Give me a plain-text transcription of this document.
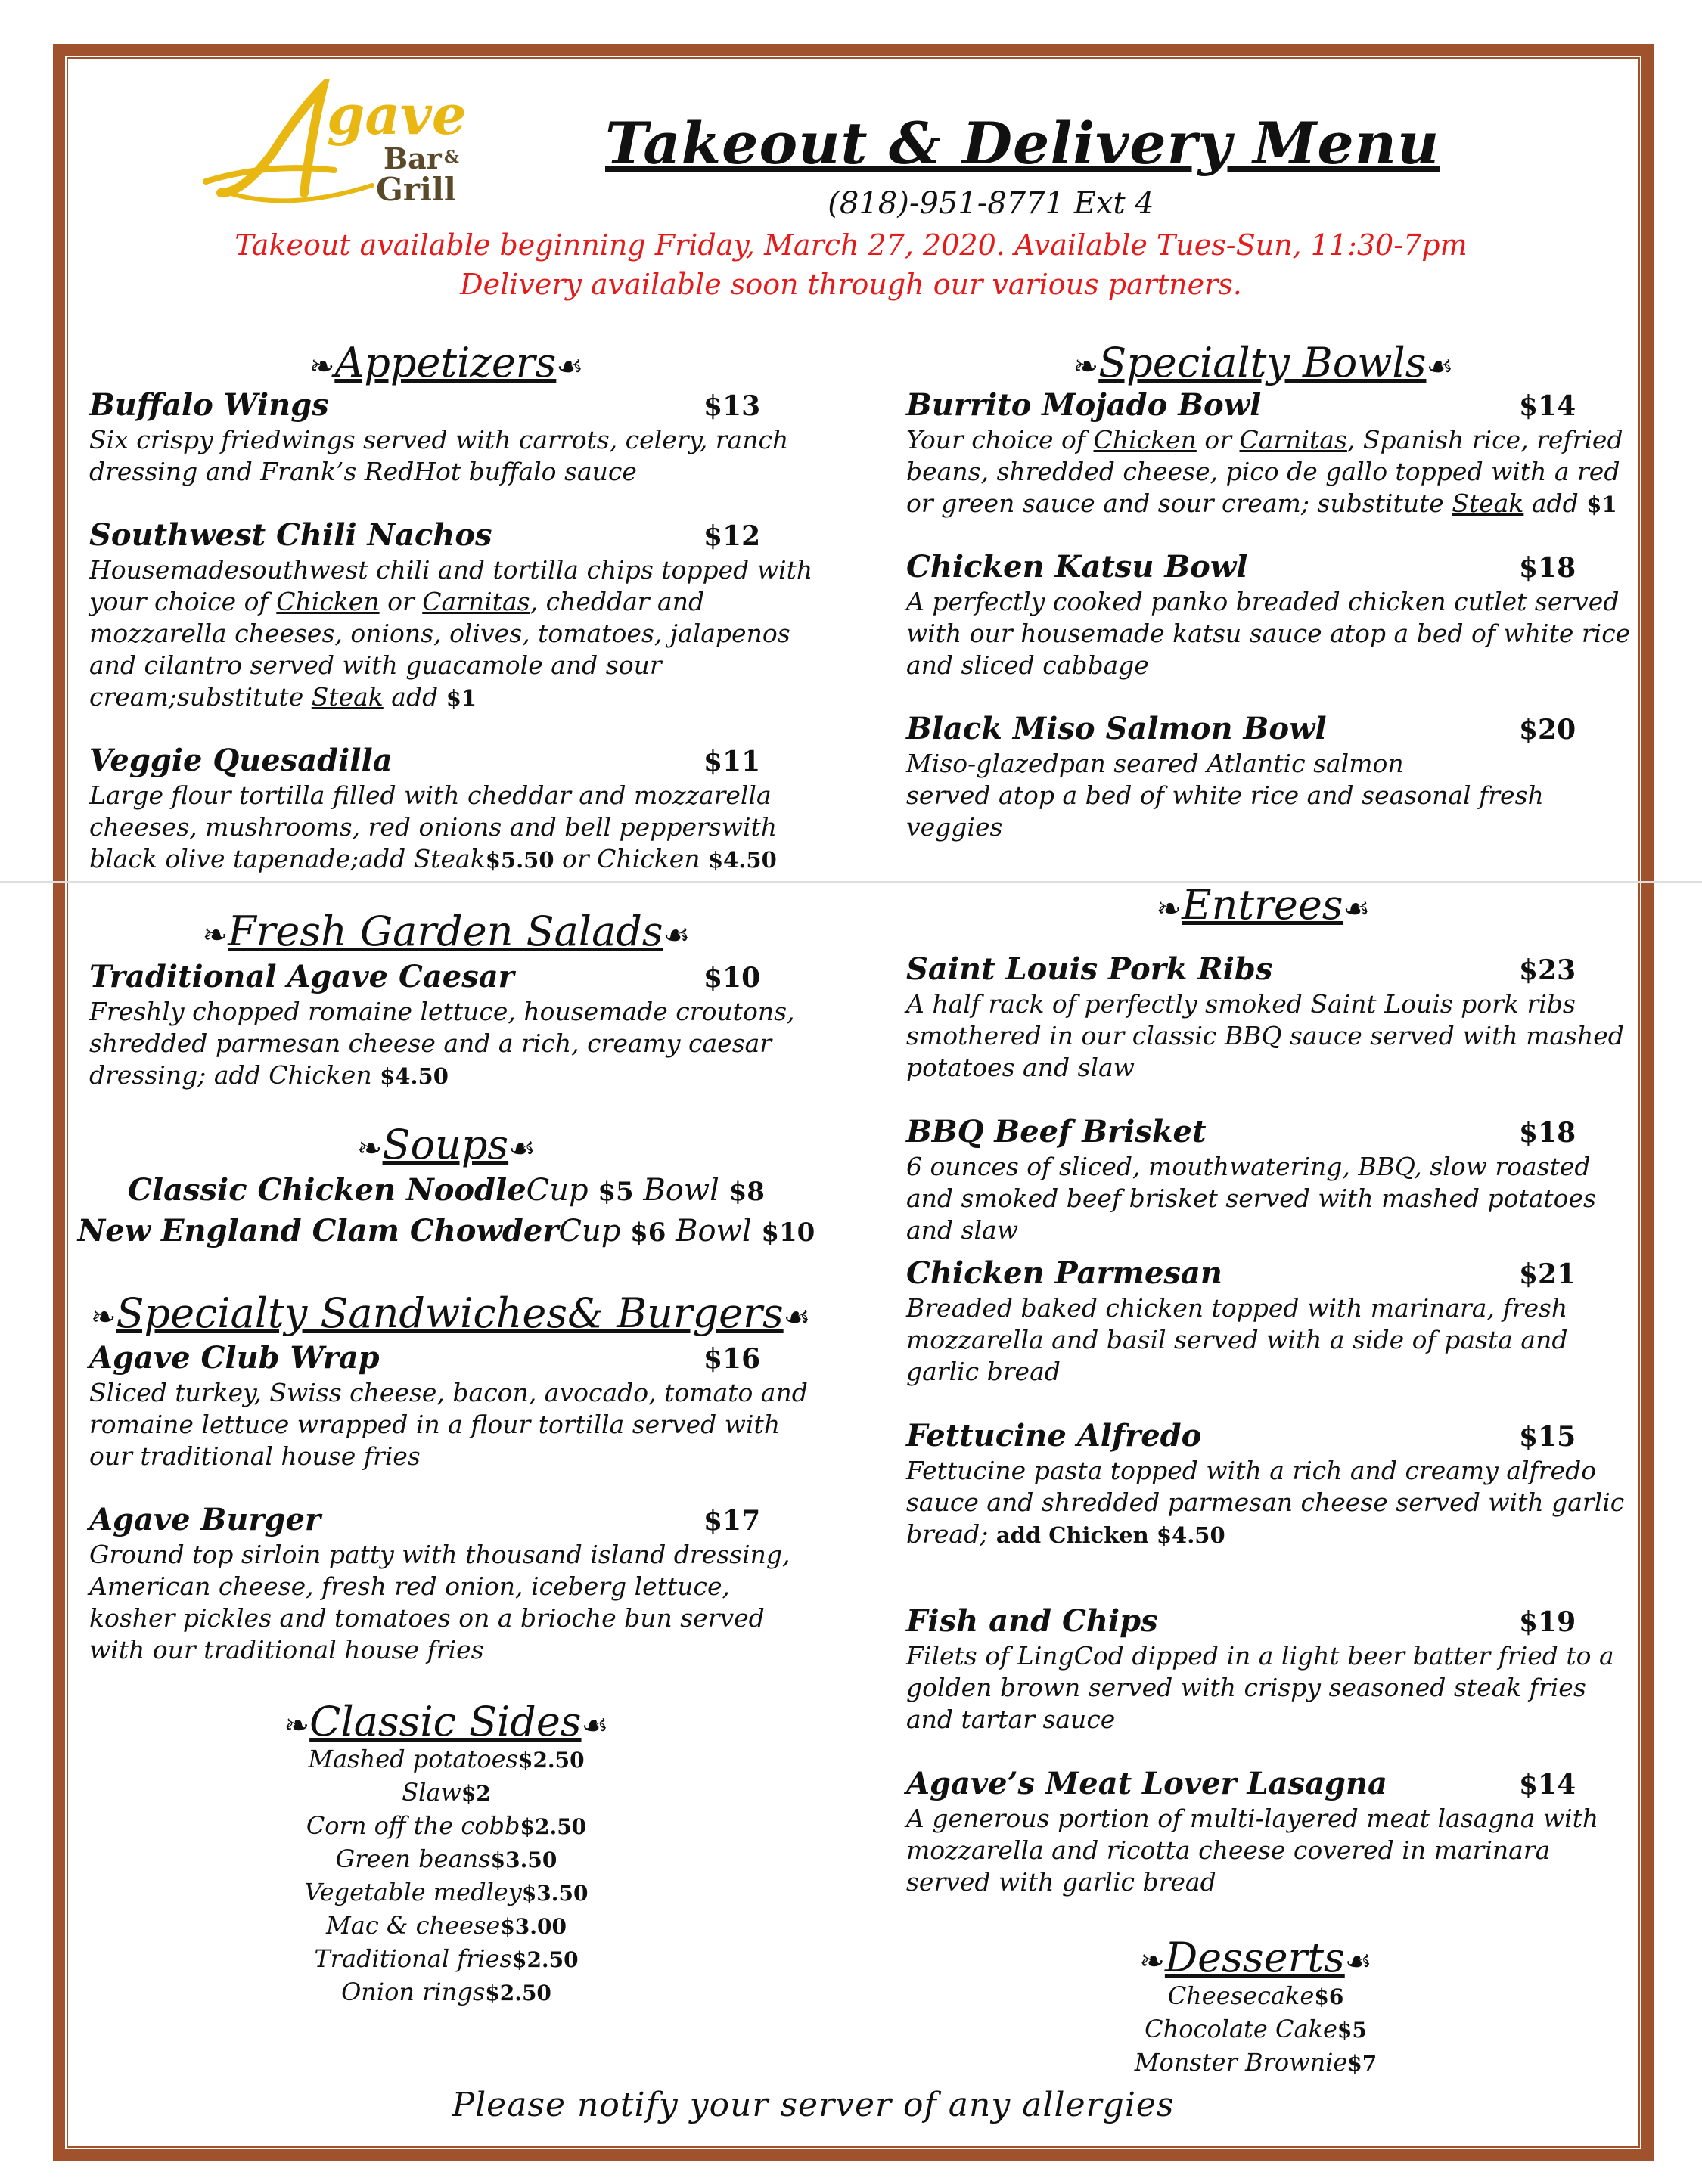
gave
Bar &
Grill
Takeout & Delivery Menu
(818)-951-8771 Ext 4
Takeout available beginning Friday, March 27, 2020. Available Tues-Sun, 11:30-7pm
Delivery available soon through our various partners.
❧Appetizers☙
Buffalo Wings	$13
Six crispy friedwings served with carrots, celery, ranch dressing and Frank’s RedHot buffalo sauce
Southwest Chili Nachos	$12
Housemadesouthwest chili and tortilla chips topped with your choice of Chicken or Carnitas, cheddar and mozzarella cheeses, onions, olives, tomatoes, jalapenos and cilantro served with guacamole and sour cream;substitute Steak add $1
Veggie Quesadilla	$11
Large flour tortilla filled with cheddar and mozzarella cheeses, mushrooms, red onions and bell pepperswith black olive tapenade;add Steak$5.50 or Chicken $4.50
❧Fresh Garden Salads☙
Traditional Agave Caesar	$10
Freshly chopped romaine lettuce, housemade croutons, shredded parmesan cheese and a rich, creamy caesar dressing; add Chicken $4.50
❧Soups☙
Classic Chicken NoodleCup $5 Bowl $8
New England Clam ChowderCup $6 Bowl $10
❧Specialty Sandwiches& Burgers☙
Agave Club Wrap	$16
Sliced turkey, Swiss cheese, bacon, avocado, tomato and romaine lettuce wrapped in a flour tortilla served with our traditional house fries
Agave Burger	$17
Ground top sirloin patty with thousand island dressing, American cheese, fresh red onion, iceberg lettuce, kosher pickles and tomatoes on a brioche bun served with our traditional house fries
❧Classic Sides☙
Mashed potatoes$2.50
Slaw$2
Corn off the cobb$2.50
Green beans$3.50
Vegetable medley$3.50
Mac & cheese$3.00
Traditional fries$2.50
Onion rings$2.50
❧Specialty Bowls☙
Burrito Mojado Bowl	$14
Your choice of Chicken or Carnitas, Spanish rice, refried beans, shredded cheese, pico de gallo topped with a red or green sauce and sour cream; substitute Steak add $1
Chicken Katsu Bowl	$18
A perfectly cooked panko breaded chicken cutlet served with our housemade katsu sauce atop a bed of white rice and sliced cabbage
Black Miso Salmon Bowl	$20
Miso-glazedpan seared Atlantic salmon
served atop a bed of white rice and seasonal fresh veggies
❧Entrees☙
Saint Louis Pork Ribs	$23
A half rack of perfectly smoked Saint Louis pork ribs smothered in our classic BBQ sauce served with mashed potatoes and slaw
BBQ Beef Brisket	$18
6 ounces of sliced, mouthwatering, BBQ, slow roasted and smoked beef brisket served with mashed potatoes and slaw
Chicken Parmesan	$21
Breaded baked chicken topped with marinara, fresh mozzarella and basil served with a side of pasta and garlic bread
Fettucine Alfredo	$15
Fettucine pasta topped with a rich and creamy alfredo sauce and shredded parmesan cheese served with garlic bread; add Chicken $4.50
Fish and Chips	$19
Filets of LingCod dipped in a light beer batter fried to a golden brown served with crispy seasoned steak fries and tartar sauce
Agave’s Meat Lover Lasagna	$14
A generous portion of multi-layered meat lasagna with mozzarella and ricotta cheese covered in marinara served with garlic bread
❧Desserts☙
Cheesecake$6
Chocolate Cake$5
Monster Brownie$7
Please notify your server of any allergies
